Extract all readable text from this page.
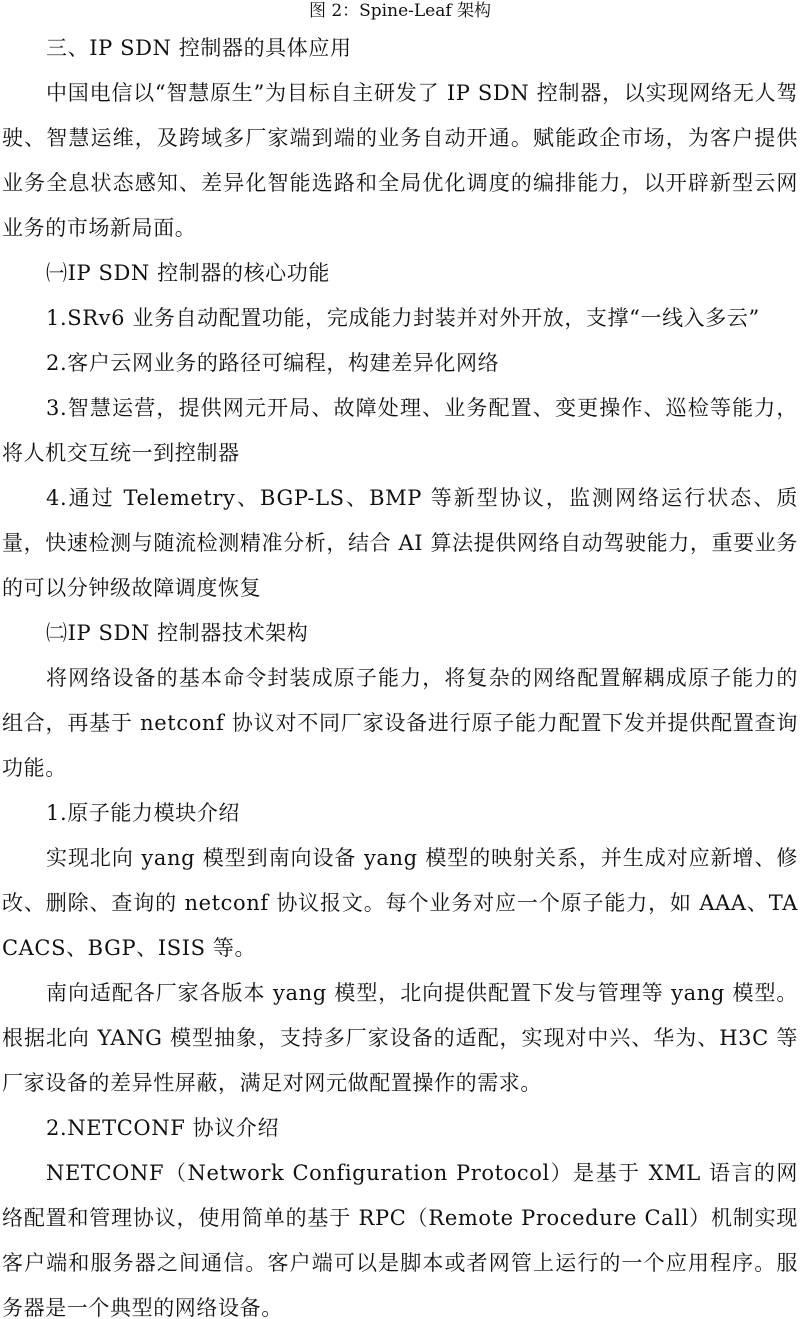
图 2：Spine-Leaf 架构

三、IP SDN 控制器的具体应用

中国电信以“智慧原生”为目标自主研发了 IP SDN 控制器，以实现网络无人驾驶、智慧运维，及跨域多厂家端到端的业务自动开通。赋能政企市场，为客户提供业务全息状态感知、差异化智能选路和全局优化调度的编排能力，以开辟新型云网业务的市场新局面。

㈠IP SDN 控制器的核心功能

1.SRv6 业务自动配置功能，完成能力封装并对外开放，支撑“一线入多云”

2.客户云网业务的路径可编程，构建差异化网络

3.智慧运营，提供网元开局、故障处理、业务配置、变更操作、巡检等能力，将人机交互统一到控制器

4.通过 Telemetry、BGP-LS、BMP 等新型协议，监测网络运行状态、质量，快速检测与随流检测精准分析，结合 AI 算法提供网络自动驾驶能力，重要业务的可以分钟级故障调度恢复

㈡IP SDN 控制器技术架构

将网络设备的基本命令封装成原子能力，将复杂的网络配置解耦成原子能力的组合，再基于 netconf 协议对不同厂家设备进行原子能力配置下发并提供配置查询功能。

1.原子能力模块介绍

实现北向 yang 模型到南向设备 yang 模型的映射关系，并生成对应新增、修改、删除、查询的 netconf 协议报文。每个业务对应一个原子能力，如 AAA、TACACS、BGP、ISIS 等。

南向适配各厂家各版本 yang 模型，北向提供配置下发与管理等 yang 模型。根据北向 YANG 模型抽象，支持多厂家设备的适配，实现对中兴、华为、H3C 等厂家设备的差异性屏蔽，满足对网元做配置操作的需求。

2.NETCONF 协议介绍

NETCONF（Network Configuration Protocol）是基于 XML 语言的网络配置和管理协议，使用简单的基于 RPC（Remote Procedure Call）机制实现客户端和服务器之间通信。客户端可以是脚本或者网管上运行的一个应用程序。服务器是一个典型的网络设备。
